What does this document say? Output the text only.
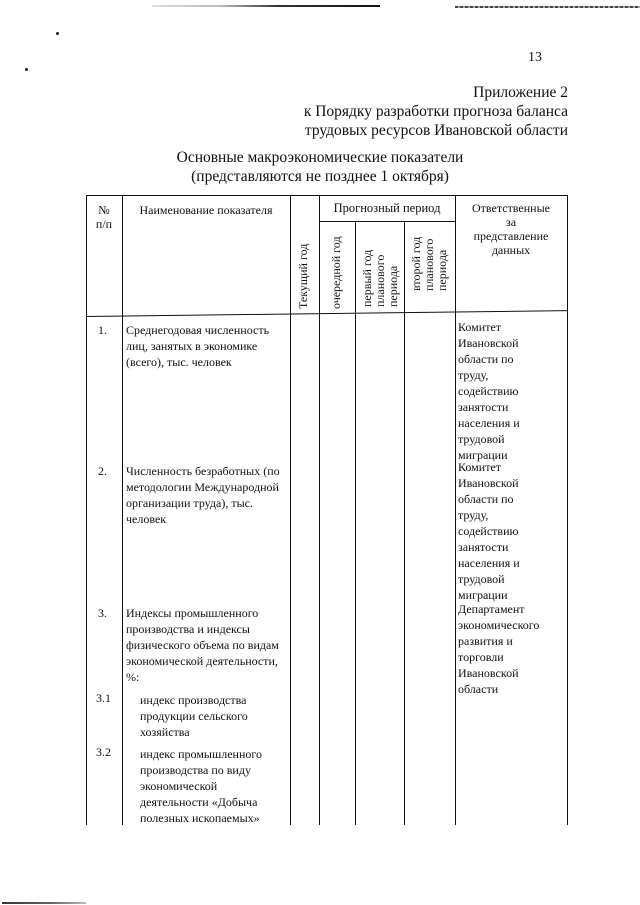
13
Приложение 2
к Порядку разработки прогноза баланса
трудовых ресурсов Ивановской области
Основные макроэкономические показатели
(представляются не позднее 1 октября)
№
п/п
Наименование показателя
Текущий год
Прогнозный период
очередной год первый год
планового
периода второй год
планового
периода
Ответственные
за
представление
данных
1. Среднегодовая численность
лиц, занятых в экономике
(всего), тыс. человек
Комитет
Ивановской
области по
труду,
содействию
занятости
населения и
трудовой
миграции
2. Численность безработных (по
методологии Международной
организации труда), тыс.
человек
Комитет
Ивановской
области по
труду,
содействию
занятости
населения и
трудовой
миграции
3. Индексы промышленного
производства и индексы
физического объема по видам
экономической деятельности,
%:
Департамент
экономического
развития и
торговли
Ивановской
области
3.1 индекс производства
продукции сельского
хозяйства
3.2 индекс промышленного
производства по виду
экономической
деятельности «Добыча
полезных ископаемых»
